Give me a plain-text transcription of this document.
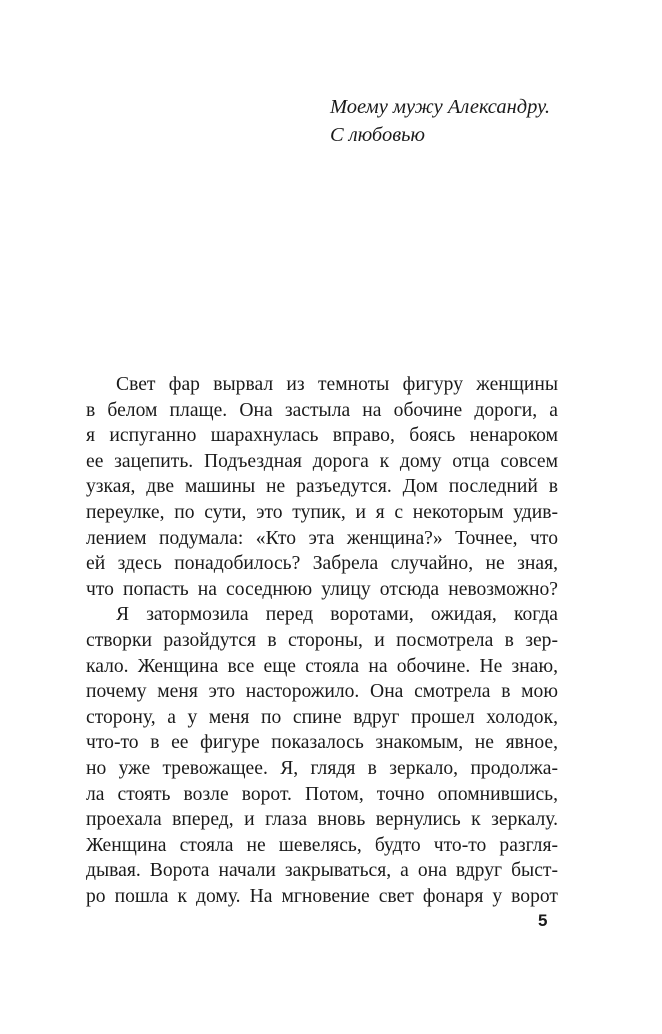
Моему мужу Александру.
С любовью
Свет фар вырвал из темноты фигуру женщины
в белом плаще. Она застыла на обочине дороги, а
я испуганно шарахнулась вправо, боясь ненароком
ее зацепить. Подъездная дорога к дому отца совсем
узкая, две машины не разъедутся. Дом последний в
переулке, по сути, это тупик, и я с некоторым удив-
лением подумала: «Кто эта женщина?» Точнее, что
ей здесь понадобилось? Забрела случайно, не зная,
что попасть на соседнюю улицу отсюда невозможно?
Я затормозила перед воротами, ожидая, когда
створки разойдутся в стороны, и посмотрела в зер-
кало. Женщина все еще стояла на обочине. Не знаю,
почему меня это насторожило. Она смотрела в мою
сторону, а у меня по спине вдруг прошел холодок,
что-то в ее фигуре показалось знакомым, не явное,
но уже тревожащее. Я, глядя в зеркало, продолжа-
ла стоять возле ворот. Потом, точно опомнившись,
проехала вперед, и глаза вновь вернулись к зеркалу.
Женщина стояла не шевелясь, будто что-то разгля-
дывая. Ворота начали закрываться, а она вдруг быст-
ро пошла к дому. На мгновение свет фонаря у ворот
5
